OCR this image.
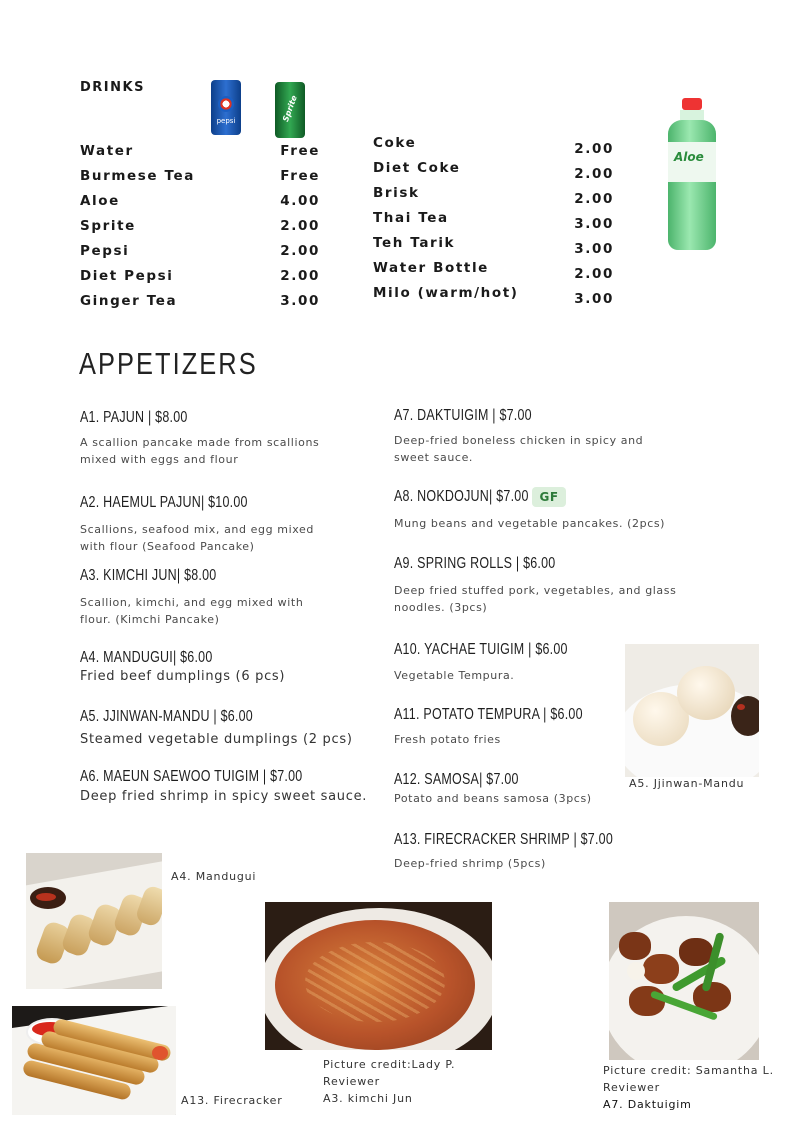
DRINKS
pepsi	Sprite
Aloe
Water	Free
Burmese Tea	Free
Aloe	4.00
Sprite	2.00
Pepsi	2.00
Diet Pepsi	2.00
Ginger Tea	3.00
Coke	2.00
Diet Coke	2.00
Brisk	2.00
Thai Tea	3.00
Teh Tarik	3.00
Water Bottle	2.00
Milo (warm/hot)	3.00
APPETIZERS
A1. PAJUN | $8.00
A scallion pancake made from scallions
mixed with eggs and flour
A2. HAEMUL PAJUN| $10.00
Scallions, seafood mix, and egg mixed
with flour (Seafood Pancake)
A3. KIMCHI JUN| $8.00
Scallion, kimchi, and egg mixed with
flour. (Kimchi Pancake)
A4. MANDUGUI| $6.00
Fried beef dumplings (6 pcs)
A5. JJINWAN-MANDU | $6.00
Steamed vegetable dumplings (2 pcs)
A6. MAEUN SAEWOO TUIGIM | $7.00
Deep fried shrimp in spicy sweet sauce.
A7. DAKTUIGIM | $7.00
Deep-fried boneless chicken in spicy and
sweet sauce.
A8. NOKDOJUN| $7.00 GF
Mung beans and vegetable pancakes. (2pcs)
A9. SPRING ROLLS | $6.00
Deep fried stuffed pork, vegetables, and glass
noodles. (3pcs)
A10. YACHAE TUIGIM | $6.00
Vegetable Tempura.
A11. POTATO TEMPURA | $6.00
Fresh potato fries
A12. SAMOSA| $7.00
Potato and beans samosa (3pcs)
A13. FIRECRACKER SHRIMP | $7.00
Deep-fried shrimp (5pcs)
A5. Jjinwan-Mandu
A4. Mandugui
Picture credit:Lady P.
Reviewer
A3. kimchi Jun
Picture credit: Samantha L.
Reviewer
A7. Daktuigim
A13. Firecracker
